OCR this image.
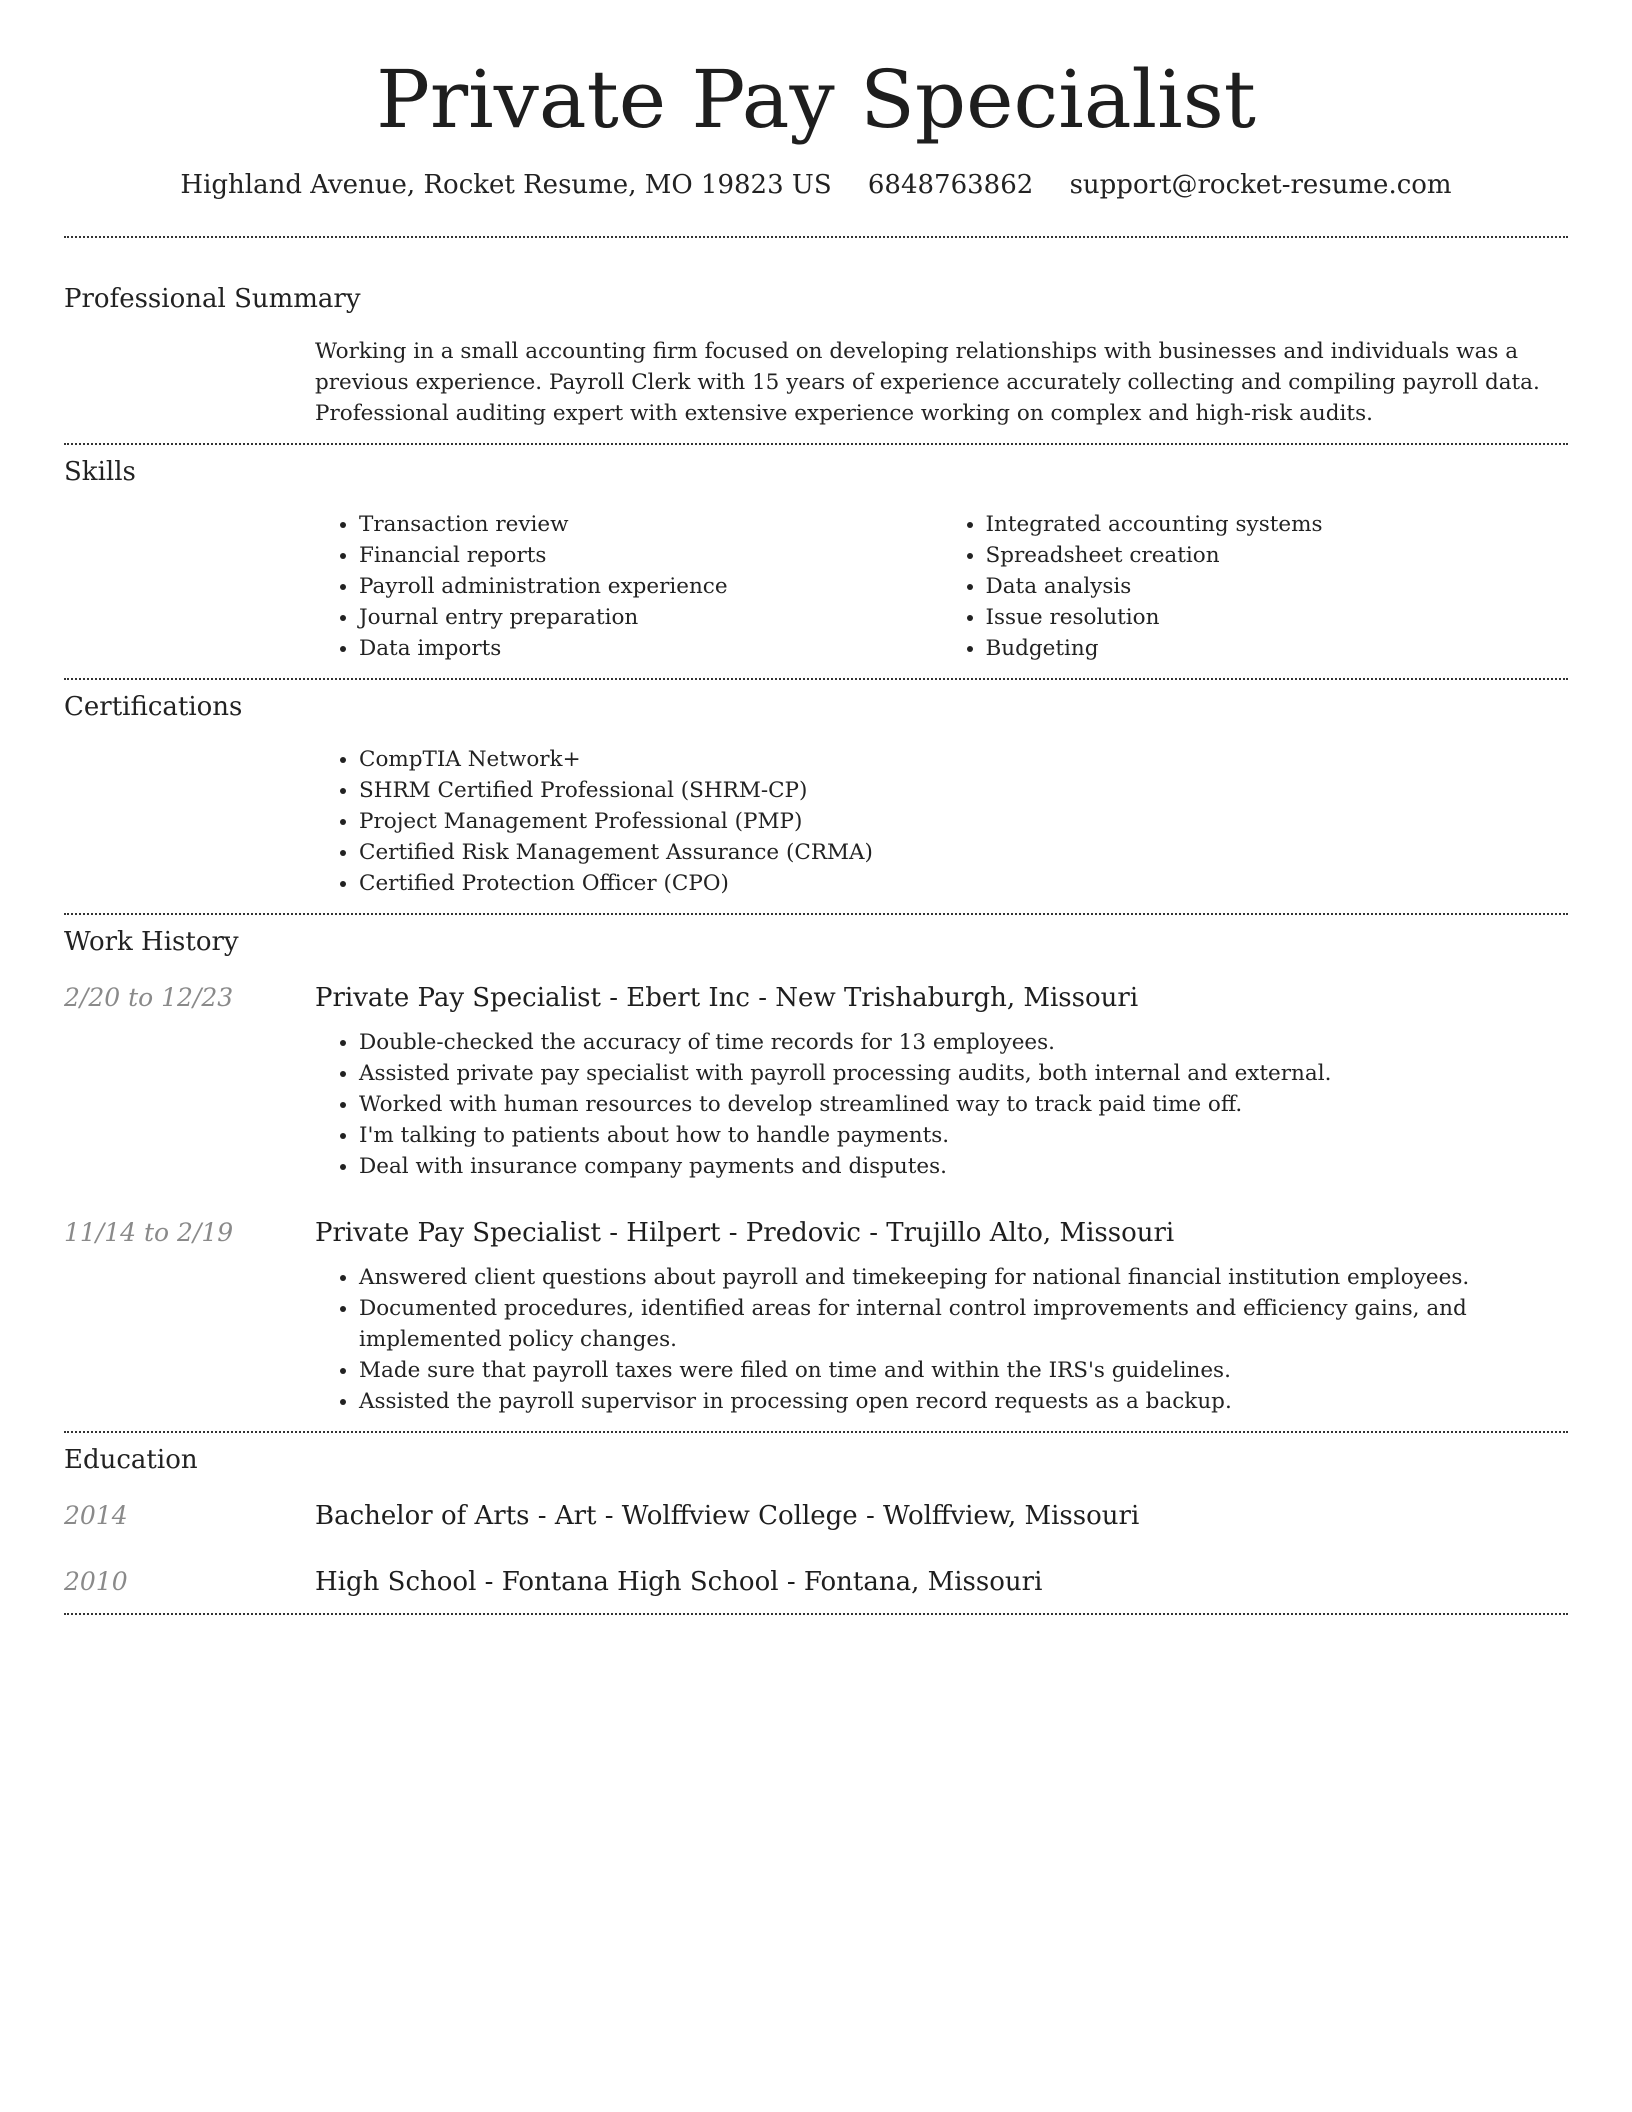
Private Pay Specialist
Highland Avenue, Rocket Resume, MO 19823 US 6848763862 support@rocket-resume.com
Professional Summary

Working in a small accounting firm focused on developing relationships with businesses and individuals was a previous experience. Payroll Clerk with 15 years of experience accurately collecting and compiling payroll data. Professional auditing expert with extensive experience working on complex and high-risk audits.

Skills
• Transaction review
• Financial reports
• Payroll administration experience
• Journal entry preparation
• Data imports
• Integrated accounting systems
• Spreadsheet creation
• Data analysis
• Issue resolution
• Budgeting
Certifications
• CompTIA Network+
• SHRM Certified Professional (SHRM-CP)
• Project Management Professional (PMP)
• Certified Risk Management Assurance (CRMA)
• Certified Protection Officer (CPO)
Work History
2/20 to 12/23	Private Pay Specialist - Ebert Inc - New Trishaburgh, Missouri
• Double-checked the accuracy of time records for 13 employees.
• Assisted private pay specialist with payroll processing audits, both internal and external.
• Worked with human resources to develop streamlined way to track paid time off.
• I'm talking to patients about how to handle payments.
• Deal with insurance company payments and disputes.
11/14 to 2/19	Private Pay Specialist - Hilpert - Predovic - Trujillo Alto, Missouri
• Answered client questions about payroll and timekeeping for national financial institution employees.
• Documented procedures, identified areas for internal control improvements and efficiency gains, and implemented policy changes.
• Made sure that payroll taxes were filed on time and within the IRS's guidelines.
• Assisted the payroll supervisor in processing open record requests as a backup.
Education
2014	Bachelor of Arts - Art - Wolffview College - Wolffview, Missouri
2010	High School - Fontana High School - Fontana, Missouri
